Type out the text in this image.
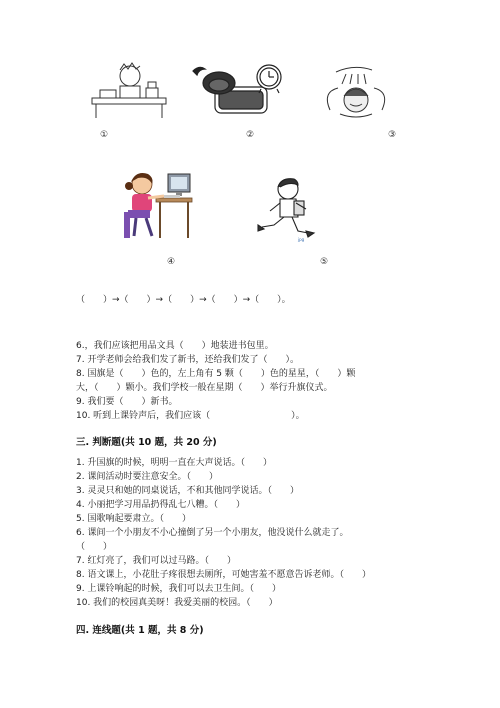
①	②	③
④
jpg
⑤
（　　）→（　　）→（　　）→（　　）→（　　）。
6.，我们应该把用品文具（　　）地装进书包里。
7. 开学老师会给我们发了新书，还给我们发了（　　）。
8. 国旗是（　　）色的，左上角有 5 颗（　　）色的星星，（　　）颗
大，（　　）颗小。我们学校一般在星期（　　）举行升旗仪式。
9. 我们要（　　）新书。
10. 听到上课铃声后，我们应该（　　　　　　　　　）。
三. 判断题(共 10 题，共 20 分)
1. 升国旗的时候，明明一直在大声说话。（　　）
2. 课间活动时要注意安全。（　　）
3. 灵灵只和她的同桌说话，不和其他同学说话。（　　）
4. 小丽把学习用品扔得乱七八糟。（　　）
5. 国歌响起要肃立。（　　）
6. 课间一个小朋友不小心撞倒了另一个小朋友，他没说什么就走了。
（　　）
7. 红灯亮了，我们可以过马路。（　　）
8. 语文课上，小花肚子疼很想去厕所，可她害羞不愿意告诉老师。（　　）
9. 上课铃响起的时候，我们可以去卫生间。（　　）
10. 我们的校园真美呀！我爱美丽的校园。（　　）
四. 连线题(共 1 题，共 8 分)
